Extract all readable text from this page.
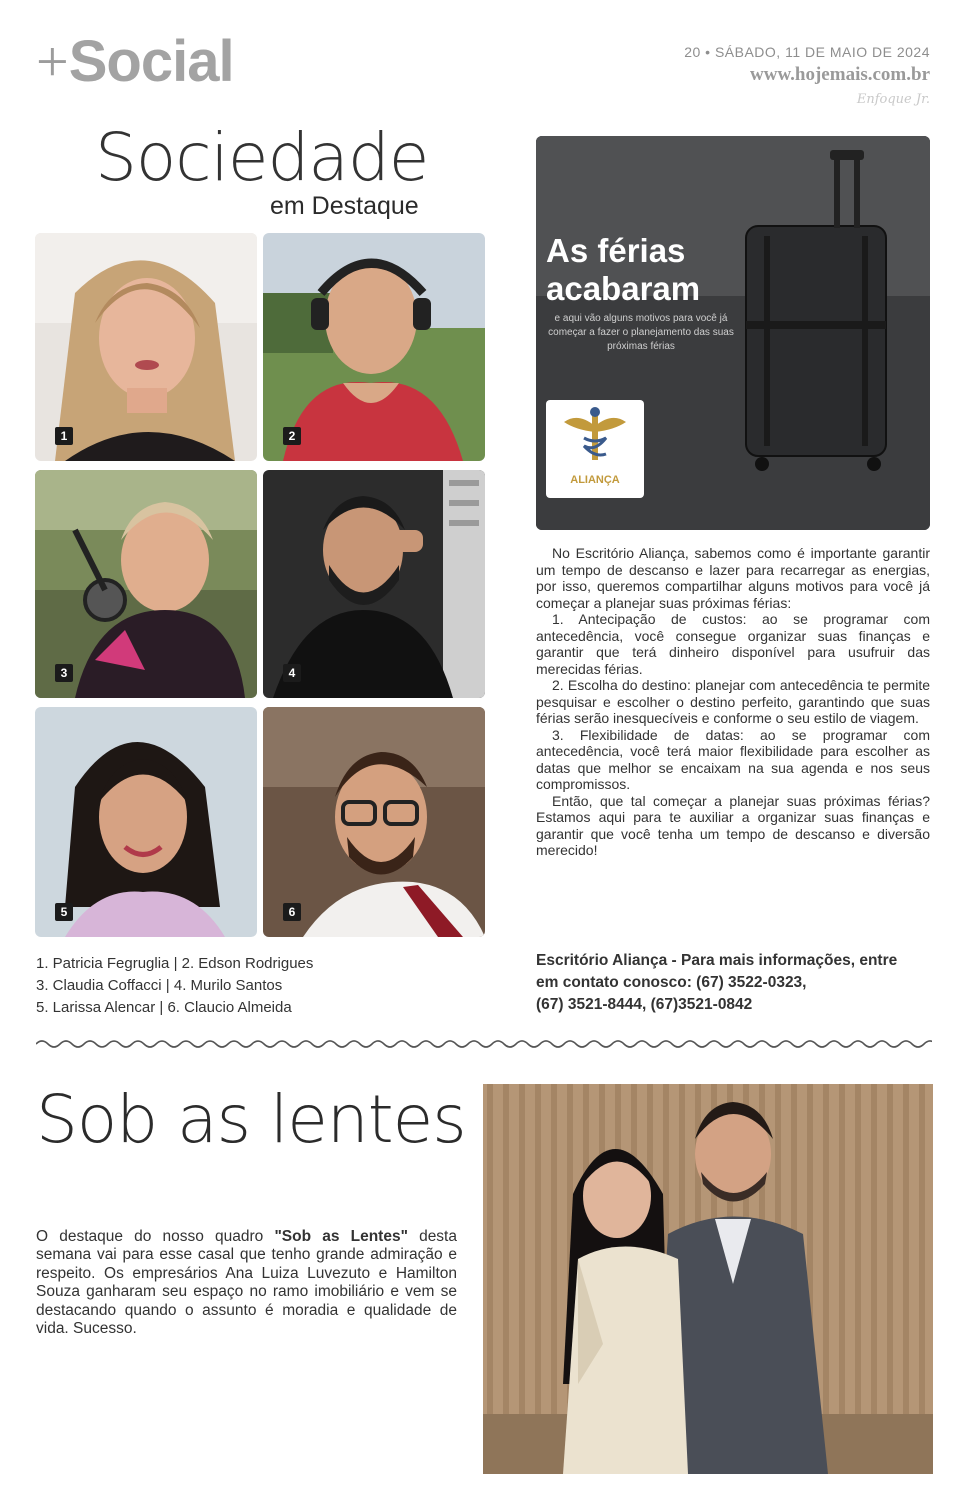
+Social	20 • SÁBADO, 11 DE MAIO DE 2024
www.hojemais.com.br
Enfoque Jr.
Sociedade
em Destaque
1	2
3	4
5	6
1. Patricia Fegruglia | 2. Edson Rodrigues
3. Claudia Coffacci | 4. Murilo Santos
5. Larissa Alencar | 6. Claucio Almeida
As férias
acabaram
e aqui vão alguns motivos para você já começar a fazer o planejamento das suas próximas férias
ALIANÇA

No Escritório Aliança, sabemos como é importante garantir um tempo de descanso e lazer para recarregar as energias, por isso, queremos compartilhar alguns motivos para você já começar a planejar suas próximas férias:

1. Antecipação de custos: ao se programar com antecedência, você consegue organizar suas finanças e garantir que terá dinheiro disponível para usufruir das merecidas férias.

2. Escolha do destino: planejar com antecedência te permite pesquisar e escolher o destino perfeito, garantindo que suas férias serão inesquecíveis e conforme o seu estilo de viagem.

3. Flexibilidade de datas: ao se programar com antecedência, você terá maior flexibilidade para escolher as datas que melhor se encaixam na sua agenda e nos seus compromissos.

Então, que tal começar a planejar suas próximas férias? Estamos aqui para te auxiliar a organizar suas finanças e garantir que você tenha um tempo de descanso e diversão merecido!

Escritório Aliança - Para mais informações, entre
em contato conosco: (67) 3522-0323,
(67) 3521-8444, (67)3521-0842
Sob as lentes
O destaque do nosso quadro "Sob as Lentes" desta semana vai para esse casal que tenho grande admiração e respeito. Os empresários Ana Luiza Luvezuto e Hamilton Souza ganharam seu espaço no ramo imobiliário e vem se destacando quando o assunto é moradia e qualidade de vida. Sucesso.
